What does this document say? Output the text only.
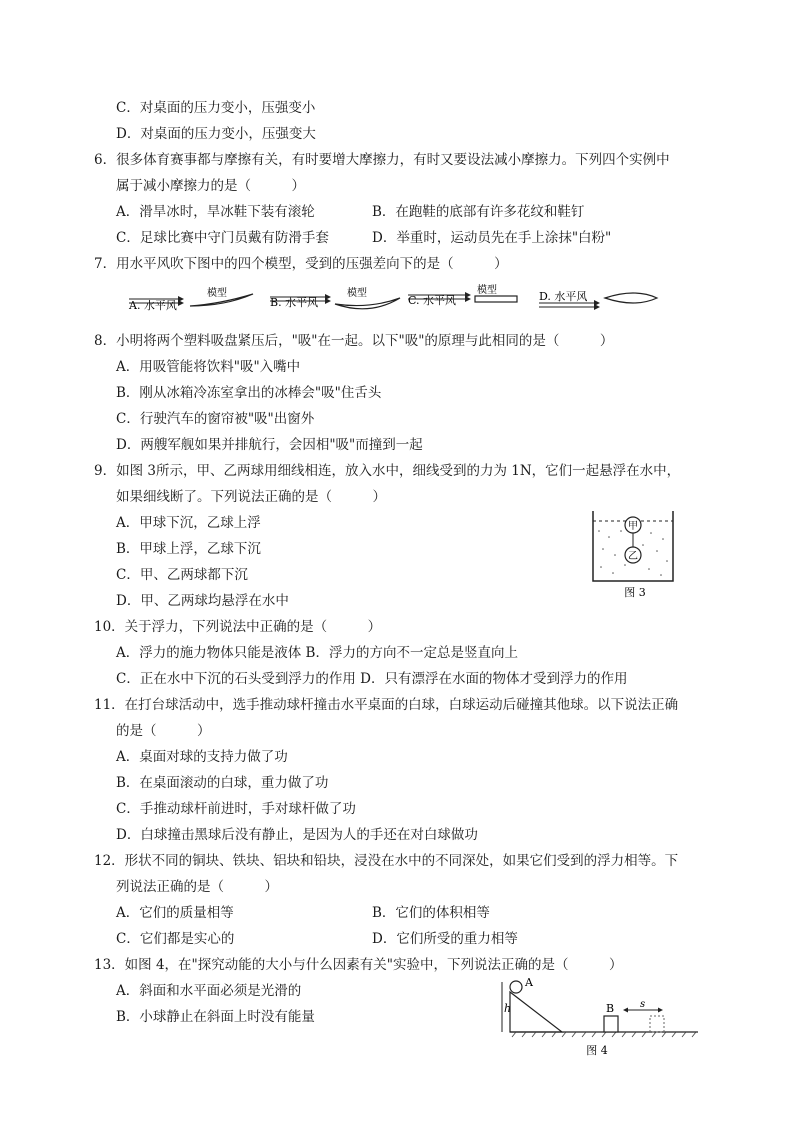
C．对桌面的压力变小，压强变小
D．对桌面的压力变小，压强变大
6．很多体育赛事都与摩擦有关，有时要增大摩擦力，有时又要设法减小摩擦力。下列四个实例中
属于减小摩擦力的是（　　　）
A．滑旱冰时，旱冰鞋下装有滚轮	B．在跑鞋的底部有许多花纹和鞋钉
C．足球比赛中守门员戴有防滑手套	D．举重时，运动员先在手上涂抹"白粉"
7．用水平风吹下图中的四个模型，受到的压强差向下的是（　　　）
A. 水平风
模型
B. 水平风
模型
C. 水平风
模型	D. 水平风
8．小明将两个塑料吸盘紧压后，"吸"在一起。以下"吸"的原理与此相同的是（　　　）
A．用吸管能将饮料"吸"入嘴中
B．刚从冰箱冷冻室拿出的冰棒会"吸"住舌头
C．行驶汽车的窗帘被"吸"出窗外
D．两艘军舰如果并排航行，会因相"吸"而撞到一起
9．如图 3所示，甲、乙两球用细线相连，放入水中，细线受到的力为 1N，它们一起悬浮在水中，
如果细线断了。下列说法正确的是（　　　）
A．甲球下沉，乙球上浮
B．甲球上浮，乙球下沉
C．甲、乙两球都下沉
D．甲、乙两球均悬浮在水中
甲
乙
图 3
10．关于浮力，下列说法中正确的是（　　　）
A．浮力的施力物体只能是液体 B．浮力的方向不一定总是竖直向上
C．正在水中下沉的石头受到浮力的作用 D．只有漂浮在水面的物体才受到浮力的作用
11．在打台球活动中，选手推动球杆撞击水平桌面的白球，白球运动后碰撞其他球。以下说法正确
的是（　　　）
A．桌面对球的支持力做了功
B．在桌面滚动的白球，重力做了功
C．手推动球杆前进时，手对球杆做了功
D．白球撞击黑球后没有静止，是因为人的手还在对白球做功
12．形状不同的铜块、铁块、铝块和铅块，浸没在水中的不同深处，如果它们受到的浮力相等。下
列说法正确的是（　　　）
A．它们的质量相等	B．它们的体积相等
C．它们都是实心的	D．它们所受的重力相等
13．如图 4，在"探究动能的大小与什么因素有关"实验中，下列说法正确的是（　　　）
A．斜面和水平面必须是光滑的
B．小球静止在斜面上时没有能量
h
A
B	s
图 4
